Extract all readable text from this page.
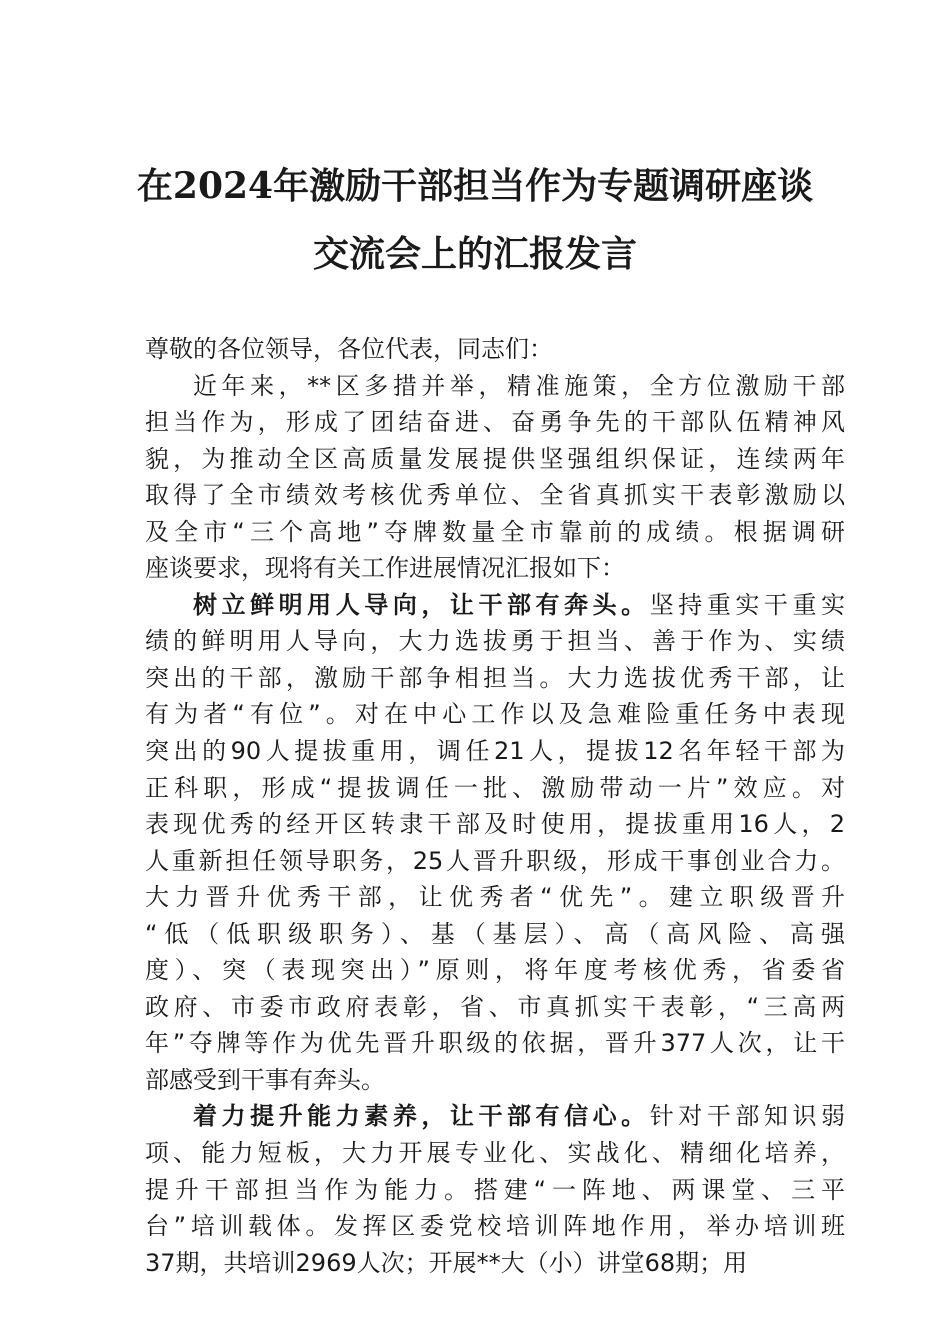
在2024年激励干部担当作为专题调研座谈
交流会上的汇报发言
尊敬的各位领导，各位代表，同志们：
近年来，**区多措并举，精准施策，全方位激励干部
担当作为，形成了团结奋进、奋勇争先的干部队伍精神风
貌，为推动全区高质量发展提供坚强组织保证，连续两年
取得了全市绩效考核优秀单位、全省真抓实干表彰激励以
及全市“三个高地”夺牌数量全市靠前的成绩。根据调研
座谈要求，现将有关工作进展情况汇报如下：
树立鲜明用人导向，让干部有奔头。坚持重实干重实
绩的鲜明用人导向，大力选拔勇于担当、善于作为、实绩
突出的干部，激励干部争相担当。大力选拔优秀干部，让
有为者“有位”。对在中心工作以及急难险重任务中表现
突出的90人提拔重用，调任21人，提拔12名年轻干部为
正科职，形成“提拔调任一批、激励带动一片”效应。对
表现优秀的经开区转隶干部及时使用，提拔重用16人，2
人重新担任领导职务，25人晋升职级，形成干事创业合力。
大力晋升优秀干部，让优秀者“优先”。建立职级晋升
“低（低职级职务）、基（基层）、高（高风险、高强
度）、突（表现突出）”原则，将年度考核优秀，省委省
政府、市委市政府表彰，省、市真抓实干表彰，“三高两
年”夺牌等作为优先晋升职级的依据，晋升377人次，让干
部感受到干事有奔头。
着力提升能力素养，让干部有信心。针对干部知识弱
项、能力短板，大力开展专业化、实战化、精细化培养，
提升干部担当作为能力。搭建“一阵地、两课堂、三平
台”培训载体。发挥区委党校培训阵地作用，举办培训班
37期，共培训2969人次；开展**大（小）讲堂68期；用
